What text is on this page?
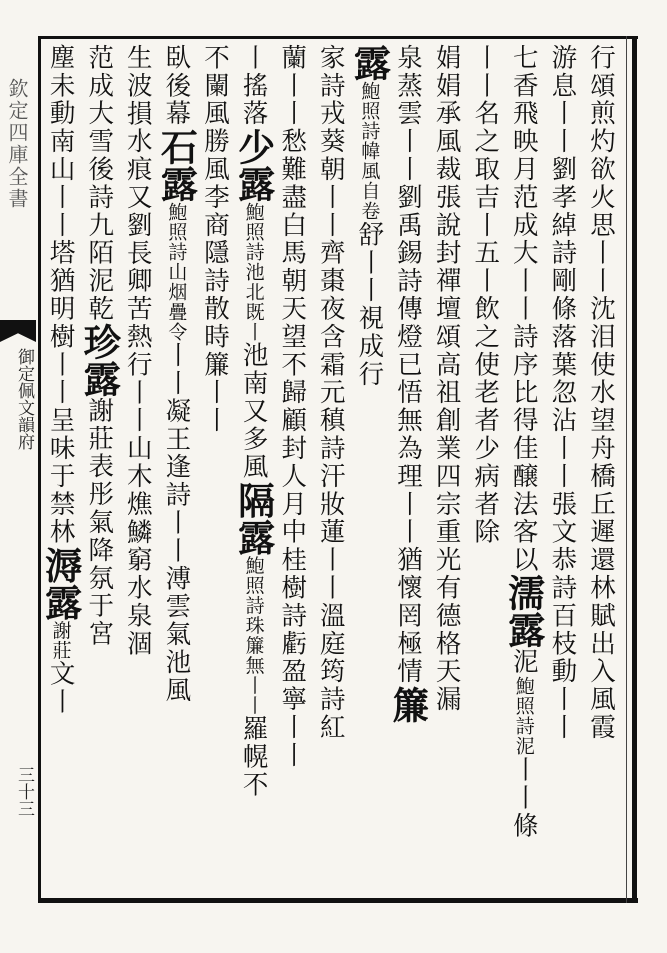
欽定四庫全書
御定佩文韻府
三十三
行頌煎灼欲火思丨丨沈泪使水望舟橋丘遲還林賦出入風霞
游息丨丨劉孝綽詩剛條落葉忽沾丨丨張文恭詩百枝動丨丨
七香飛映月范成大丨丨詩序比得佳醸法客以濡露泥鮑照詩泥丨丨條
丨丨名之取吉丨五丨飲之使老者少病者除
娟娟承風裁張說封禪壇頌高祖創業四宗重光有德格天漏
泉蒸雲丨丨劉禹錫詩傳燈已悟無為理丨丨猶懷罔極情簾
露鮑照詩幃風自卷舒丨丨視成行
家詩戎葵朝丨丨齊棗夜含霜元稹詩汗妝蓮丨丨溫庭筠詩紅
蘭丨丨愁難盡白馬朝天望不歸顧封人月中桂樹詩虧盈寧丨丨
丨搖落少露鮑照詩池北既丨池南又多風隔露鮑照詩珠簾無丨丨羅幌不
不闌風勝風李商隱詩散時簾丨丨
臥後幕石露鮑照詩山烟疊令丨丨凝王逢詩丨丨溥雲氣池風
生波損水痕又劉長卿苦熱行丨丨山木燋鱗窮水泉涸
范成大雪後詩九陌泥乾珍露謝莊表彤氣降氛于宮
塵未動南山丨丨塔猶明樹丨丨呈味于禁林溽露謝莊文丨
